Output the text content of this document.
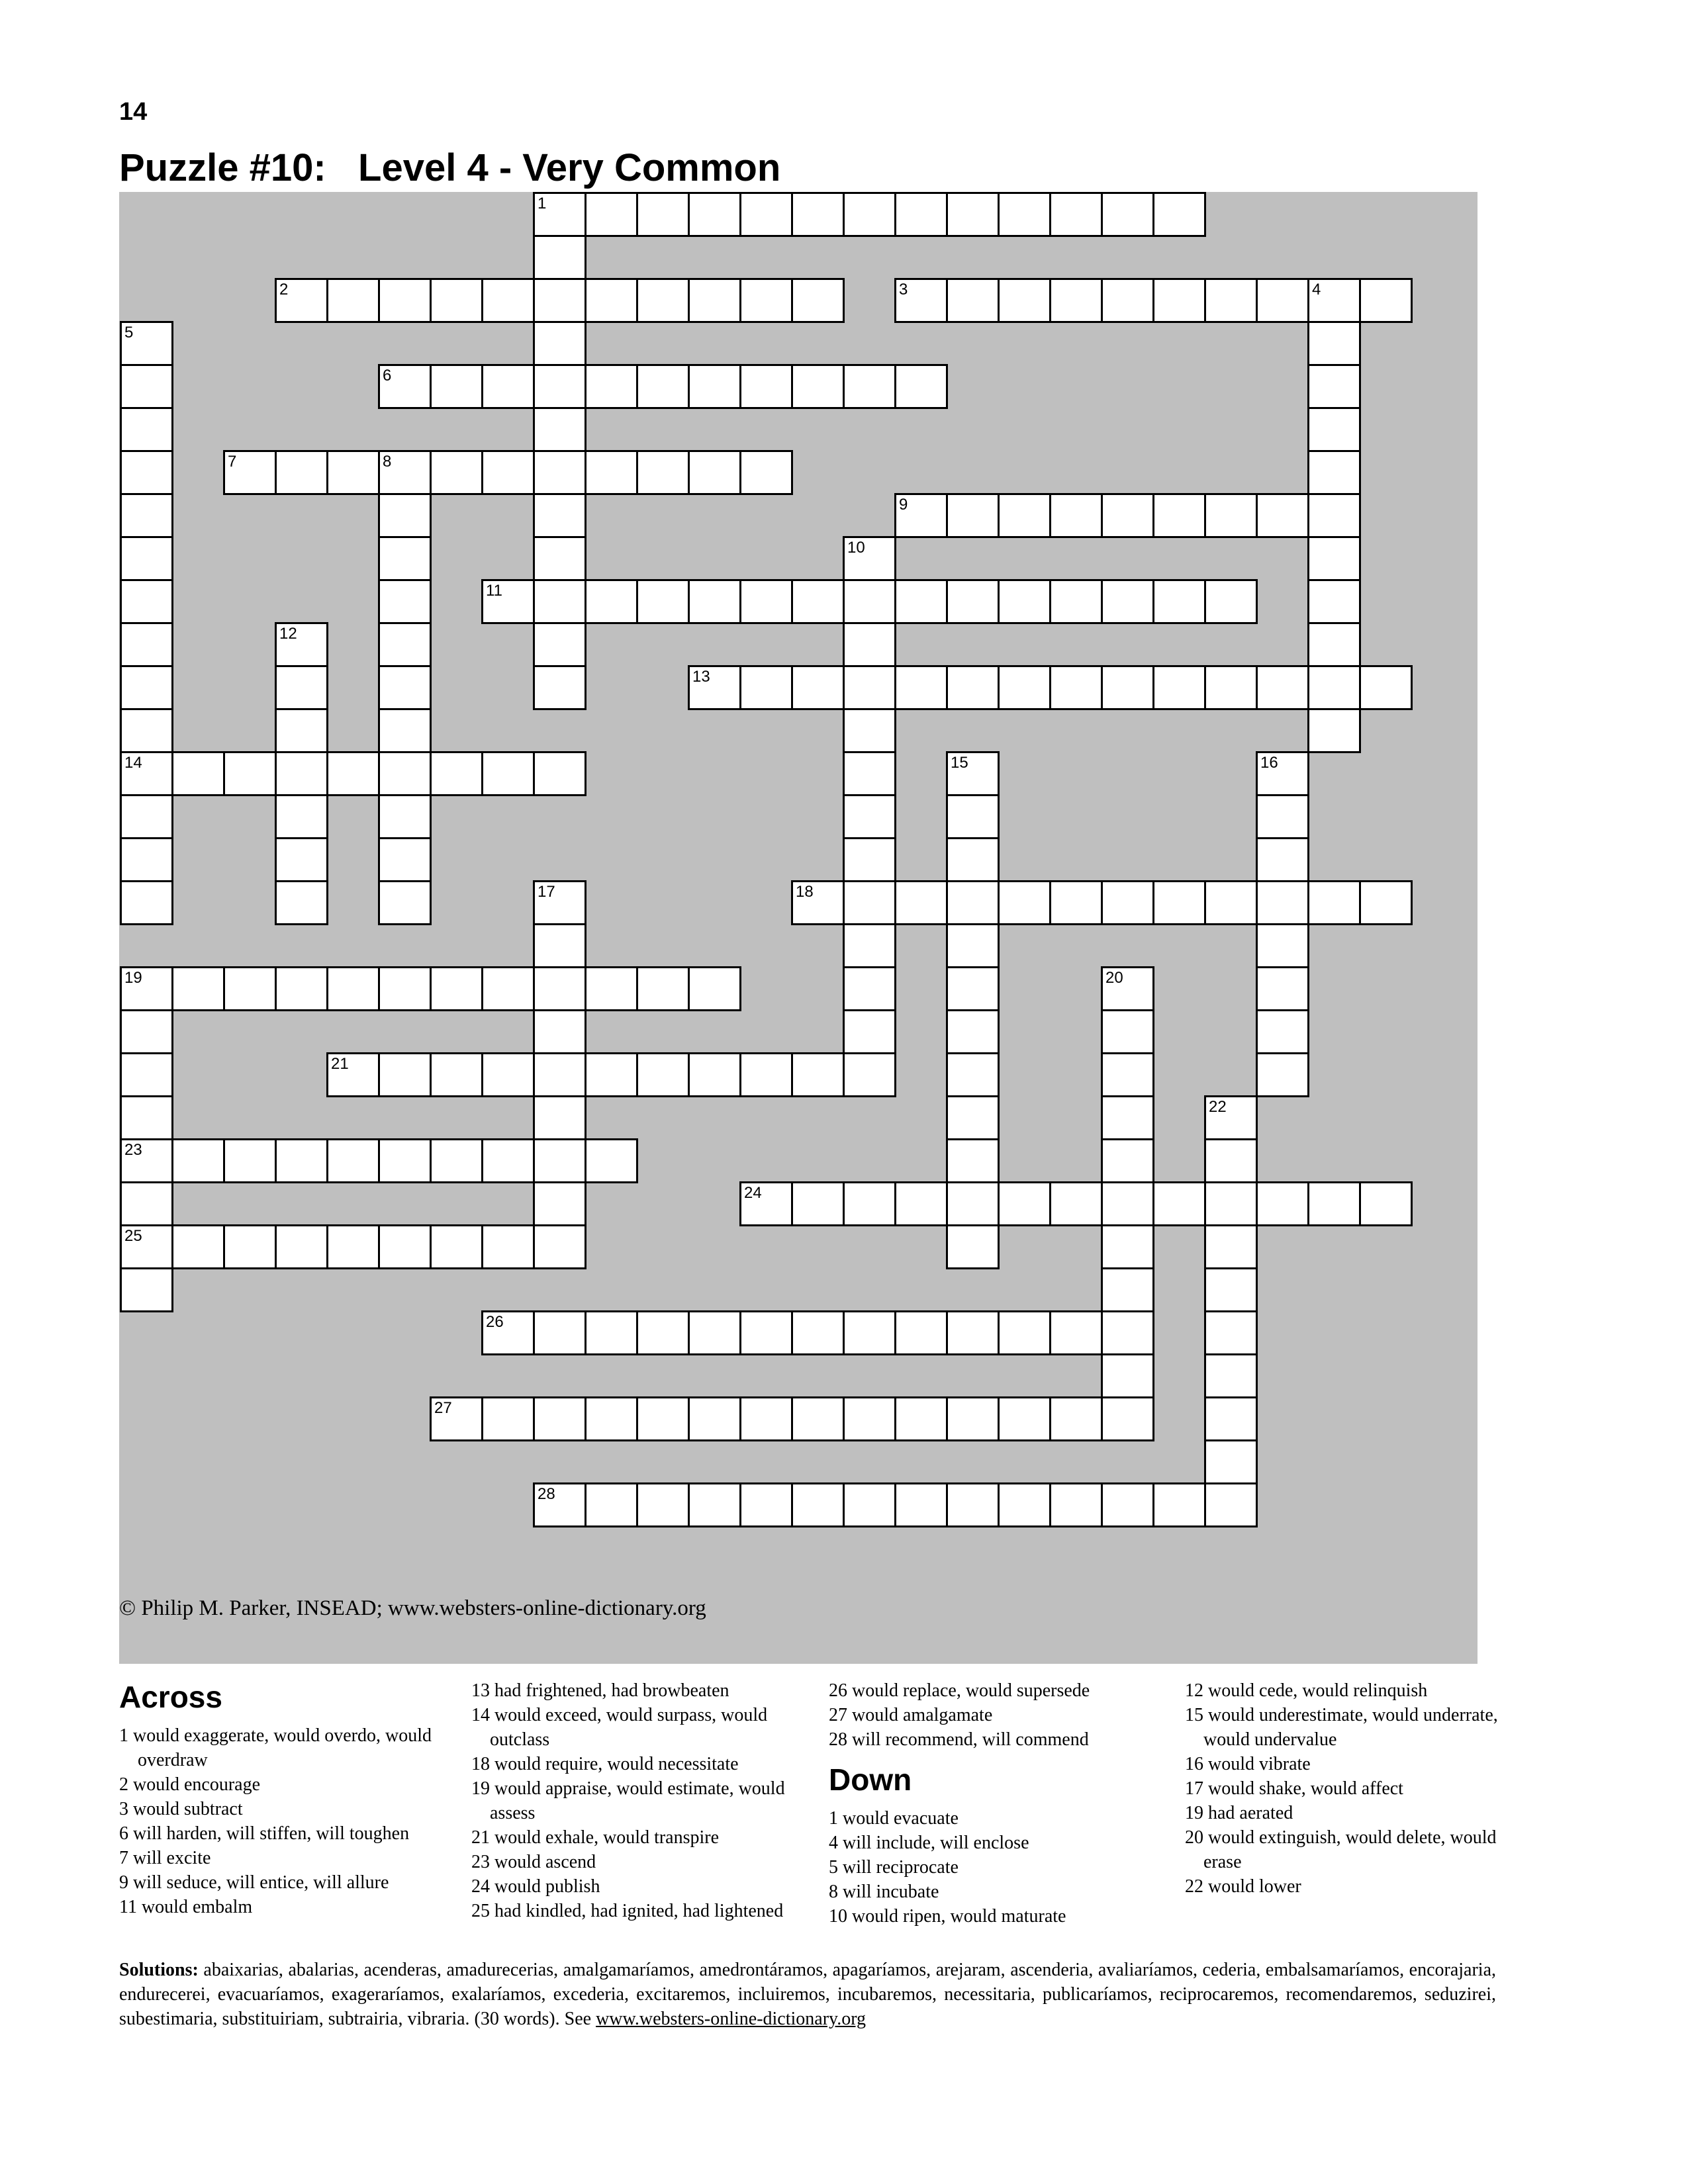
14
Puzzle #10:   Level 4 - Very Common
© Philip M. Parker, INSEAD; www.websters-online-dictionary.org
1
2	3	4
6
7	8
9
11
13
14
18
19
21
23
24
25
26
27
28
5
10
12
15	16
17
20
22
Across
1 would exaggerate, would overdo, would overdraw
2 would encourage
3 would subtract
6 will harden, will stiffen, will toughen
7 will excite
9 will seduce, will entice, will allure
11 would embalm
13 had frightened, had browbeaten
14 would exceed, would surpass, would outclass
18 would require, would necessitate
19 would appraise, would estimate, would assess
21 would exhale, would transpire
23 would ascend
24 would publish
25 had kindled, had ignited, had lightened
26 would replace, would supersede
27 would amalgamate
28 will recommend, will commend
Down
1 would evacuate
4 will include, will enclose
5 will reciprocate
8 will incubate
10 would ripen, would maturate
12 would cede, would relinquish
15 would underestimate, would underrate, would undervalue
16 would vibrate
17 would shake, would affect
19 had aerated
20 would extinguish, would delete, would erase
22 would lower
Solutions: abaixarias, abalarias, acenderas, amadurecerias, amalgamaríamos, amedrontáramos, apagaríamos, arejaram, ascenderia, avaliaríamos, cederia, embalsamaríamos, encorajaria, endurecerei, evacuaríamos, exageraríamos, exalaríamos, excederia, excitaremos, incluiremos, incubaremos, necessitaria, publicaríamos, reciprocaremos, recomendaremos, seduzirei, subestimaria, substituiriam, subtrairia, vibraria. (30 words). See www.websters-online-dictionary.org
